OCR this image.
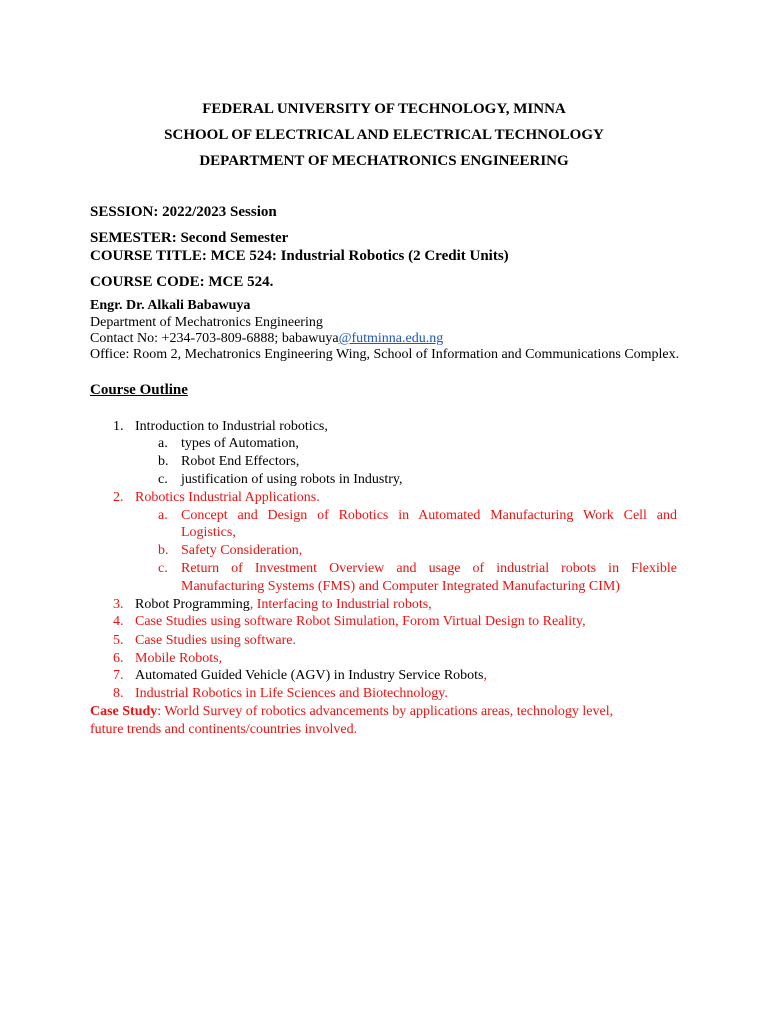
FEDERAL UNIVERSITY OF TECHNOLOGY, MINNA
SCHOOL OF ELECTRICAL AND ELECTRICAL TECHNOLOGY
DEPARTMENT OF MECHATRONICS ENGINEERING
SESSION: 2022/2023 Session
SEMESTER: Second Semester
COURSE TITLE: MCE 524: Industrial Robotics (2 Credit Units)
COURSE CODE: MCE 524.
Engr. Dr. Alkali Babawuya
Department of Mechatronics Engineering
Contact No: +234-703-809-6888; babawuya@futminna.edu.ng
Office: Room 2, Mechatronics Engineering Wing, School of Information and Communications Complex.
Course Outline
1. Introduction to Industrial robotics,
a. types of Automation,
b. Robot End Effectors,
c. justification of using robots in Industry,
2. Robotics Industrial Applications.
a. Concept and Design of Robotics in Automated Manufacturing Work Cell and
Logistics,
b. Safety Consideration,
c. Return of Investment Overview and usage of industrial robots in Flexible
Manufacturing Systems (FMS) and Computer Integrated Manufacturing CIM)
3. Robot Programming, Interfacing to Industrial robots,
4. Case Studies using software Robot Simulation, Forom Virtual Design to Reality,
5. Case Studies using software.
6. Mobile Robots,
7. Automated Guided Vehicle (AGV) in Industry Service Robots,
8. Industrial Robotics in Life Sciences and Biotechnology.
Case Study: World Survey of robotics advancements by applications areas, technology level,
future trends and continents/countries involved.
